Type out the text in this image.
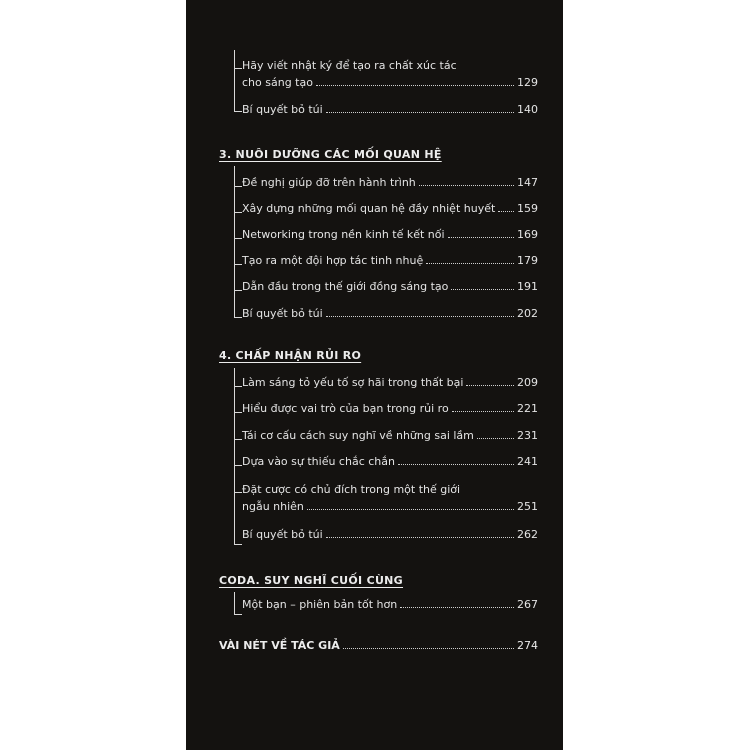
Hãy viết nhật ký để tạo ra chất xúc tác
cho sáng tạo	129
Bí quyết bỏ túi	140
3. NUÔI DƯỠNG CÁC MỐI QUAN HỆ
Đề nghị giúp đỡ trên hành trình	147
Xây dựng những mối quan hệ đầy nhiệt huyết 159
Networking trong nền kinh tế kết nối	169
Tạo ra một đội hợp tác tinh nhuệ	179
Dẫn đầu trong thế giới đồng sáng tạo	191
Bí quyết bỏ túi	202
4. CHẤP NHẬN RỦI RO
Làm sáng tỏ yếu tố sợ hãi trong thất bại	209
Hiểu được vai trò của bạn trong rủi ro	221
Tái cơ cấu cách suy nghĩ về những sai lầm	231
Dựa vào sự thiếu chắc chắn	241
Đặt cược có chủ đích trong một thế giới
ngẫu nhiên	251
Bí quyết bỏ túi	262
CODA. SUY NGHĨ CUỐI CÙNG
Một bạn – phiên bản tốt hơn	267
VÀI NÉT VỀ TÁC GIẢ	274
